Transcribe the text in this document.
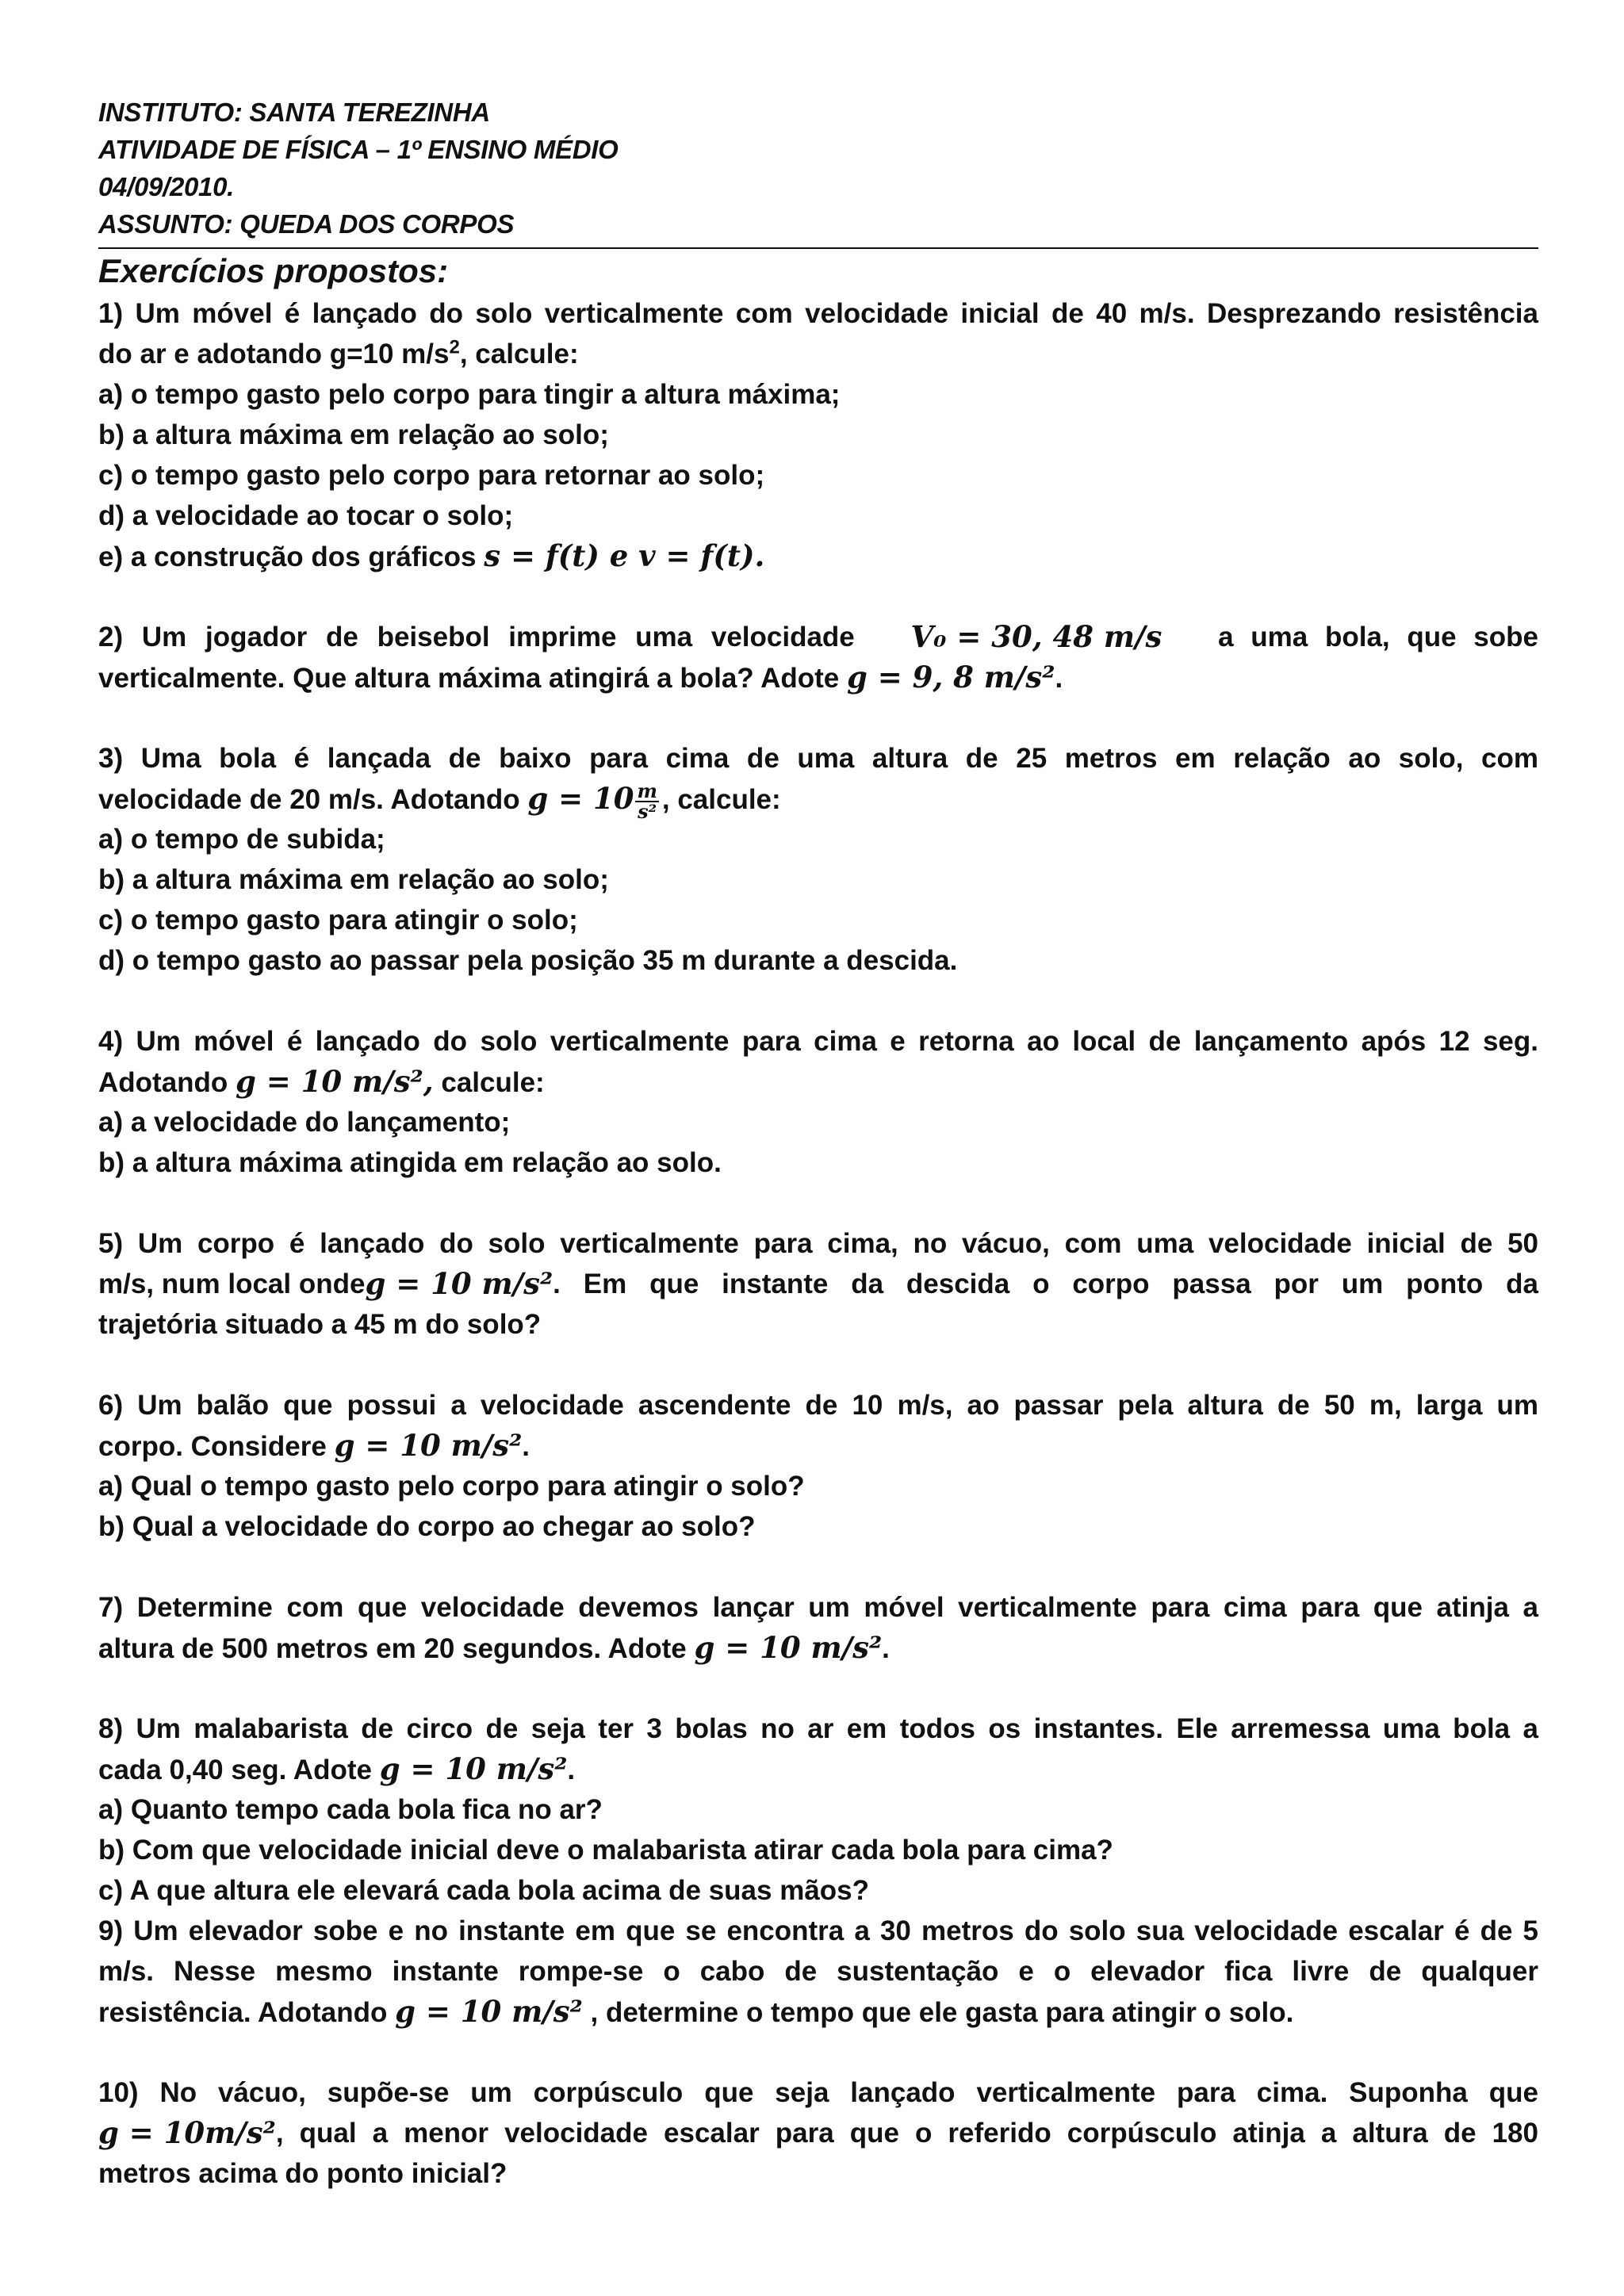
INSTITUTO: SANTA TEREZINHA
ATIVIDADE DE FÍSICA – 1º ENSINO MÉDIO
04/09/2010.
ASSUNTO: QUEDA DOS CORPOS
Exercícios propostos:
1) Um móvel é lançado do solo verticalmente com velocidade inicial de 40 m/s. Desprezando resistência
do ar e adotando g=10 $m/s^2$, calcule:
a) o tempo gasto pelo corpo para tingir a altura máxima;
b) a altura máxima em relação ao solo;
c) o tempo gasto pelo corpo para retornar ao solo;
d) a velocidade ao tocar o solo;
e) a construção dos gráficos s = f(t) e v = f(t).
2) Um jogador de beisebol imprime uma velocidade V₀ = 30, 48 m/s a uma bola, que sobe
verticalmente. Que altura máxima atingirá a bola? Adote g = 9, 8 m/s².
3) Uma bola é lançada de baixo para cima de uma altura de 25 metros em relação ao solo, com
velocidade de 20 m/s. Adotando $g = 10 \frac{m}{\text{s²}}$ , calcule:
a) o tempo de subida;
b) a altura máxima em relação ao solo;
c) o tempo gasto para atingir o solo;
d) o tempo gasto ao passar pela posição 35 m durante a descida.
4) Um móvel é lançado do solo verticalmente para cima e retorna ao local de lançamento após 12 seg.
Adotando g = 10 m/s², calcule:
a) a velocidade do lançamento;
b) a altura máxima atingida em relação ao solo.
5) Um corpo é lançado do solo verticalmente para cima, no vácuo, com uma velocidade inicial de 50
m/s, num local onde g = 10 m/s² . Em que instante da descida o corpo passa por um ponto da
trajetória situado a 45 m do solo?
6) Um balão que possui a velocidade ascendente de 10 m/s, ao passar pela altura de 50 m, larga um
corpo. Considere g = 10 m/s².
a) Qual o tempo gasto pelo corpo para atingir o solo?
b) Qual a velocidade do corpo ao chegar ao solo?
7) Determine com que velocidade devemos lançar um móvel verticalmente para cima para que atinja a
altura de 500 metros em 20 segundos. Adote g = 10 m/s².
8) Um malabarista de circo de seja ter 3 bolas no ar em todos os instantes. Ele arremessa uma bola a
cada 0,40 seg. Adote g = 10 m/s².
a) Quanto tempo cada bola fica no ar?
b) Com que velocidade inicial deve o malabarista atirar cada bola para cima?
c) A que altura ele elevará cada bola acima de suas mãos?
9) Um elevador sobe e no instante em que se encontra a 30 metros do solo sua velocidade escalar é de 5
m/s. Nesse mesmo instante rompe-se o cabo de sustentação e o elevador fica livre de qualquer
resistência. Adotando g = 10 m/s² , determine o tempo que ele gasta para atingir o solo.
10) No vácuo, supõe-se um corpúsculo que seja lançado verticalmente para cima. Suponha que
g = 10m/s² , qual a menor velocidade escalar para que o referido corpúsculo atinja a altura de 180
metros acima do ponto inicial?
